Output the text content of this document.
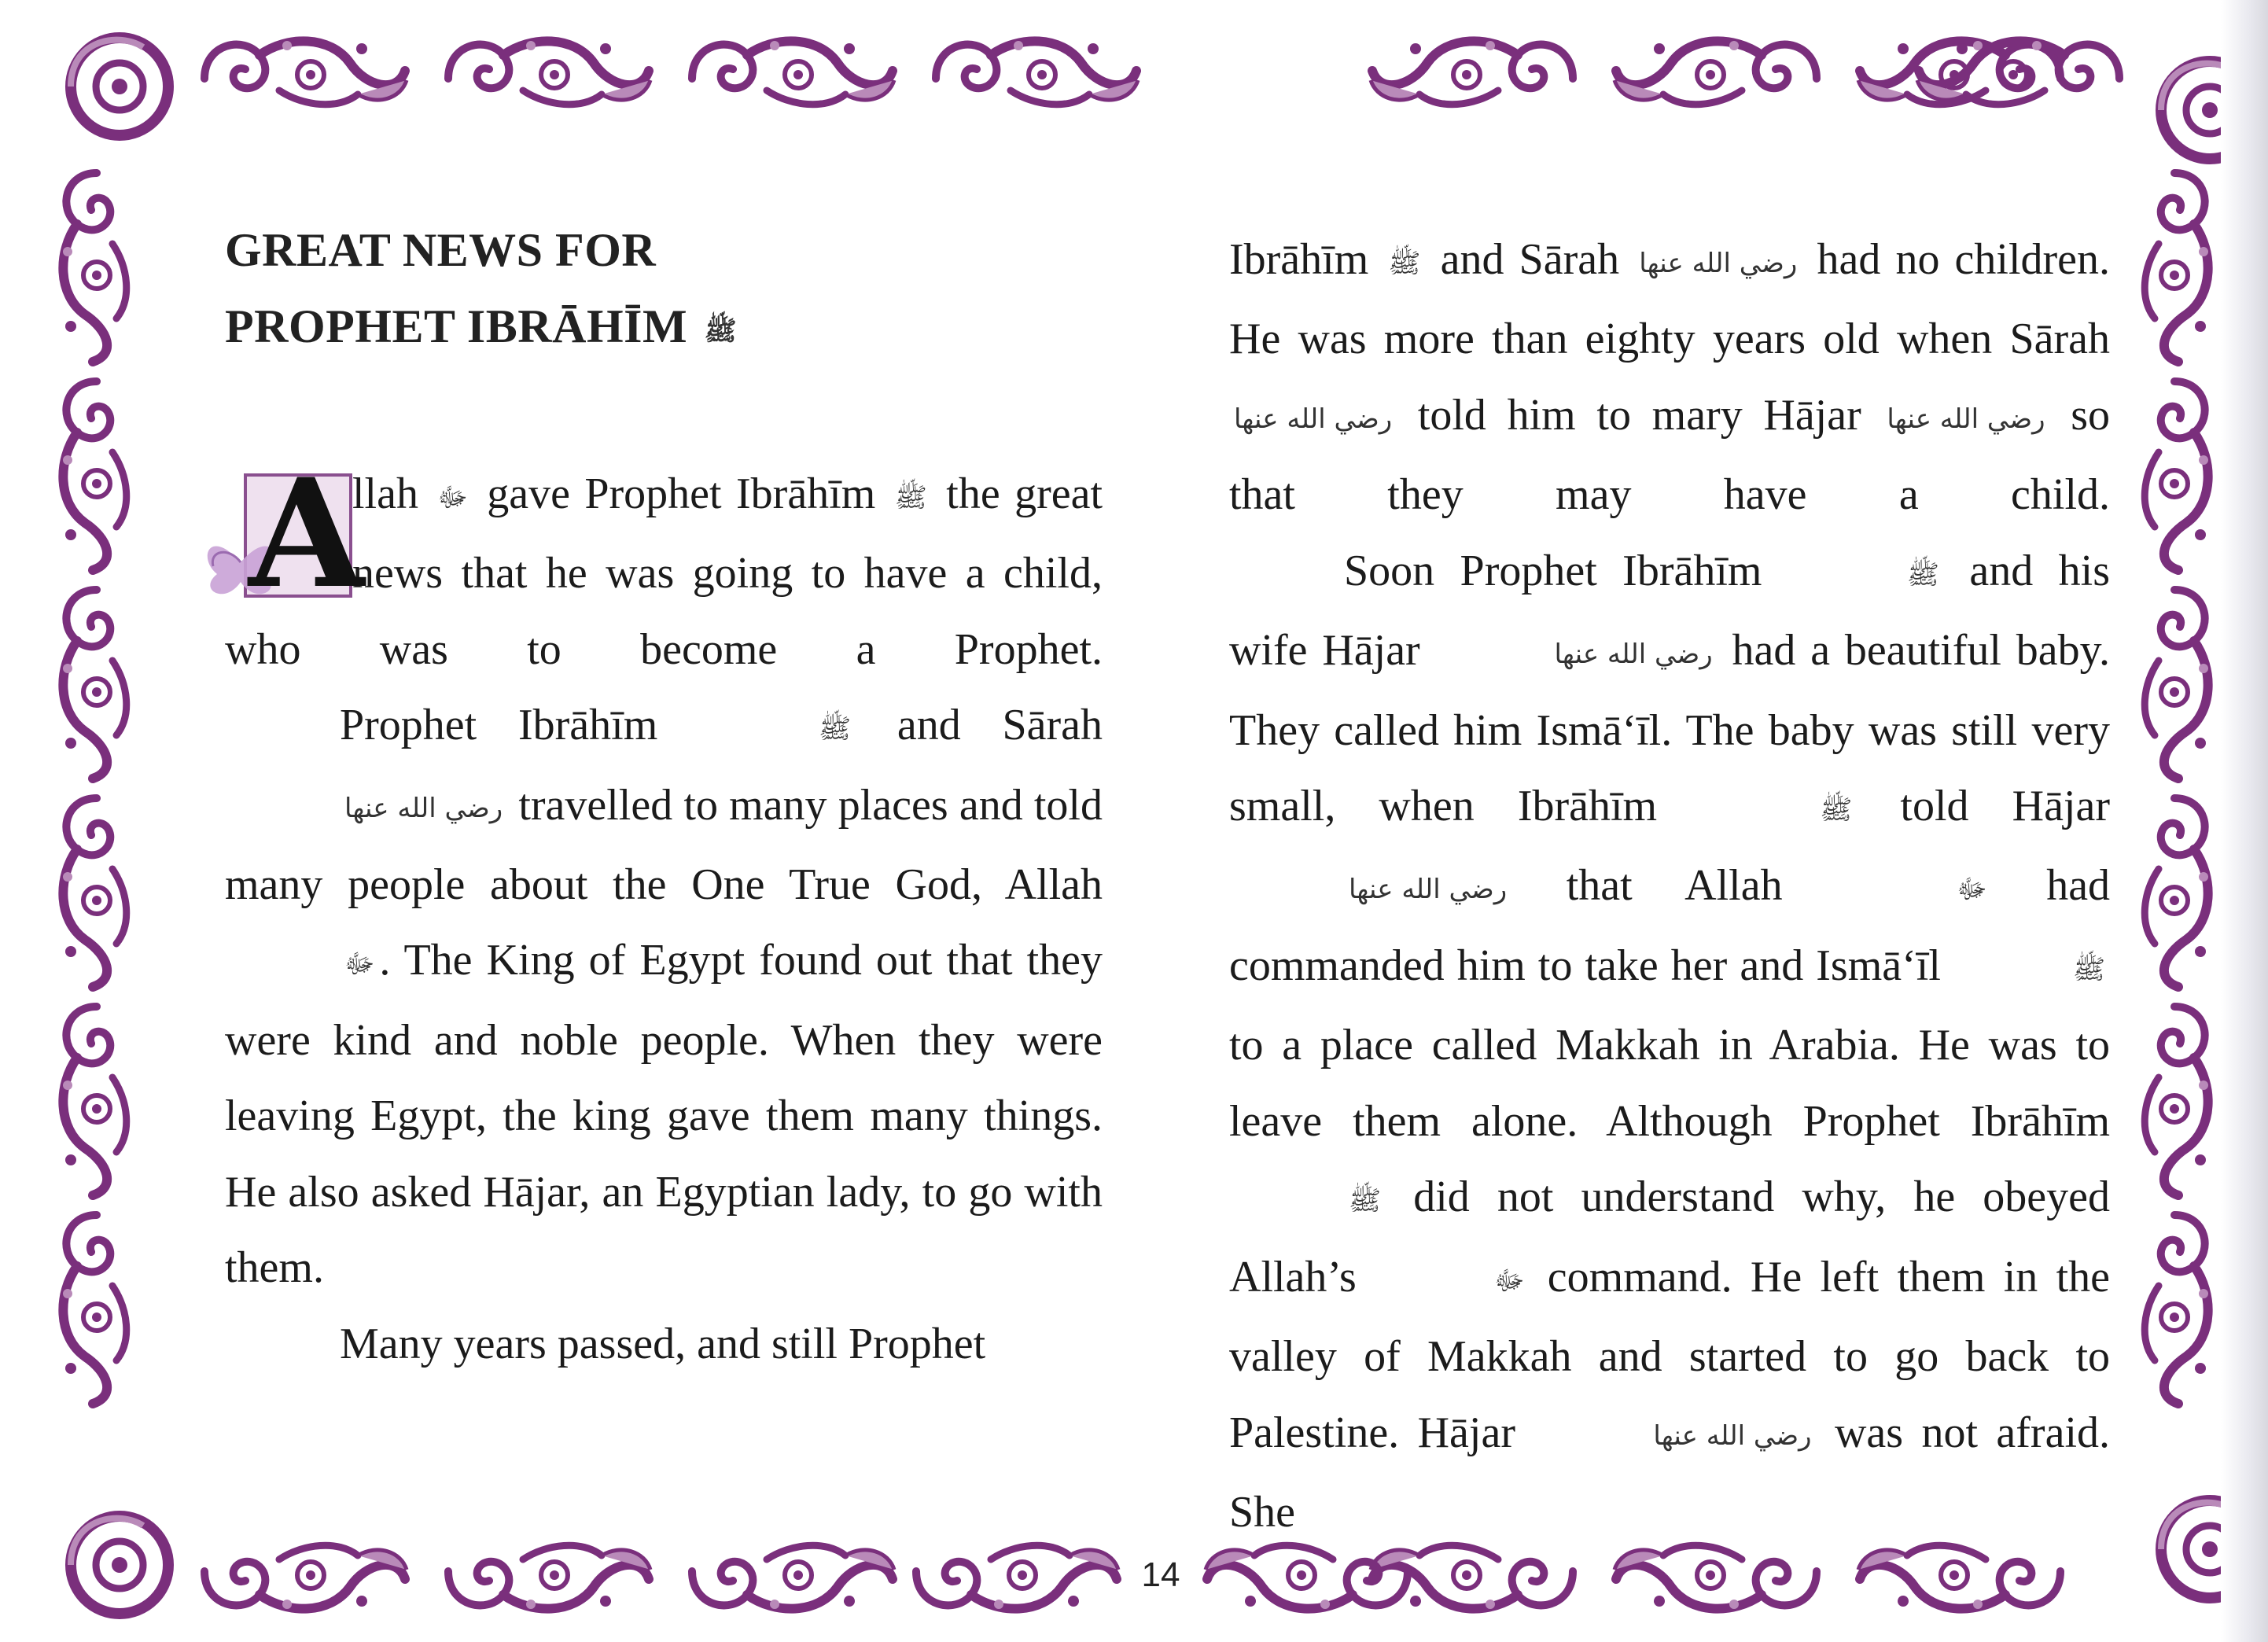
GREAT NEWS FOR
PROPHET IBRĀHĪM ﷺ

A
llah ﷻ gave Prophet Ibrāhīm ﷺ the great news that he was going to have a child, who was to become a Prophet.

Prophet Ibrāhīm	ﷺ and Sārah رضي الله عنها travelled to many places and told many people about the One True God, Allah ﷻ . The King of Egypt found out that they were kind and noble people. When they were leaving Egypt, the king gave them many things. He also asked Hājar, an Egyptian lady, to go with them.

Many years passed, and still Prophet

Ibrāhīm ﷺ and Sārah رضي الله عنها had no children. He was more than eighty years old when Sārah رضي الله عنها told him to mary Hājar رضي الله عنها so that they may have a child.

Soon Prophet Ibrāhīm	ﷺ and his wife Hājar	رضي الله عنها had a beautiful baby. They called him Ismā‘īl. The baby was still very small, when Ibrāhīm	ﷺ told Hājar رضي الله عنها that Allah	ﷻ had commanded him to take her and Ismā‘īl	ﷺ to a place called Makkah in Arabia. He was to leave them alone. Although Prophet Ibrāhīm ﷺ did not understand why, he obeyed Allah’s	ﷻ command. He left them in the valley of Makkah and started to go back to Palestine. Hājar	رضي الله عنها was not afraid. She

14
